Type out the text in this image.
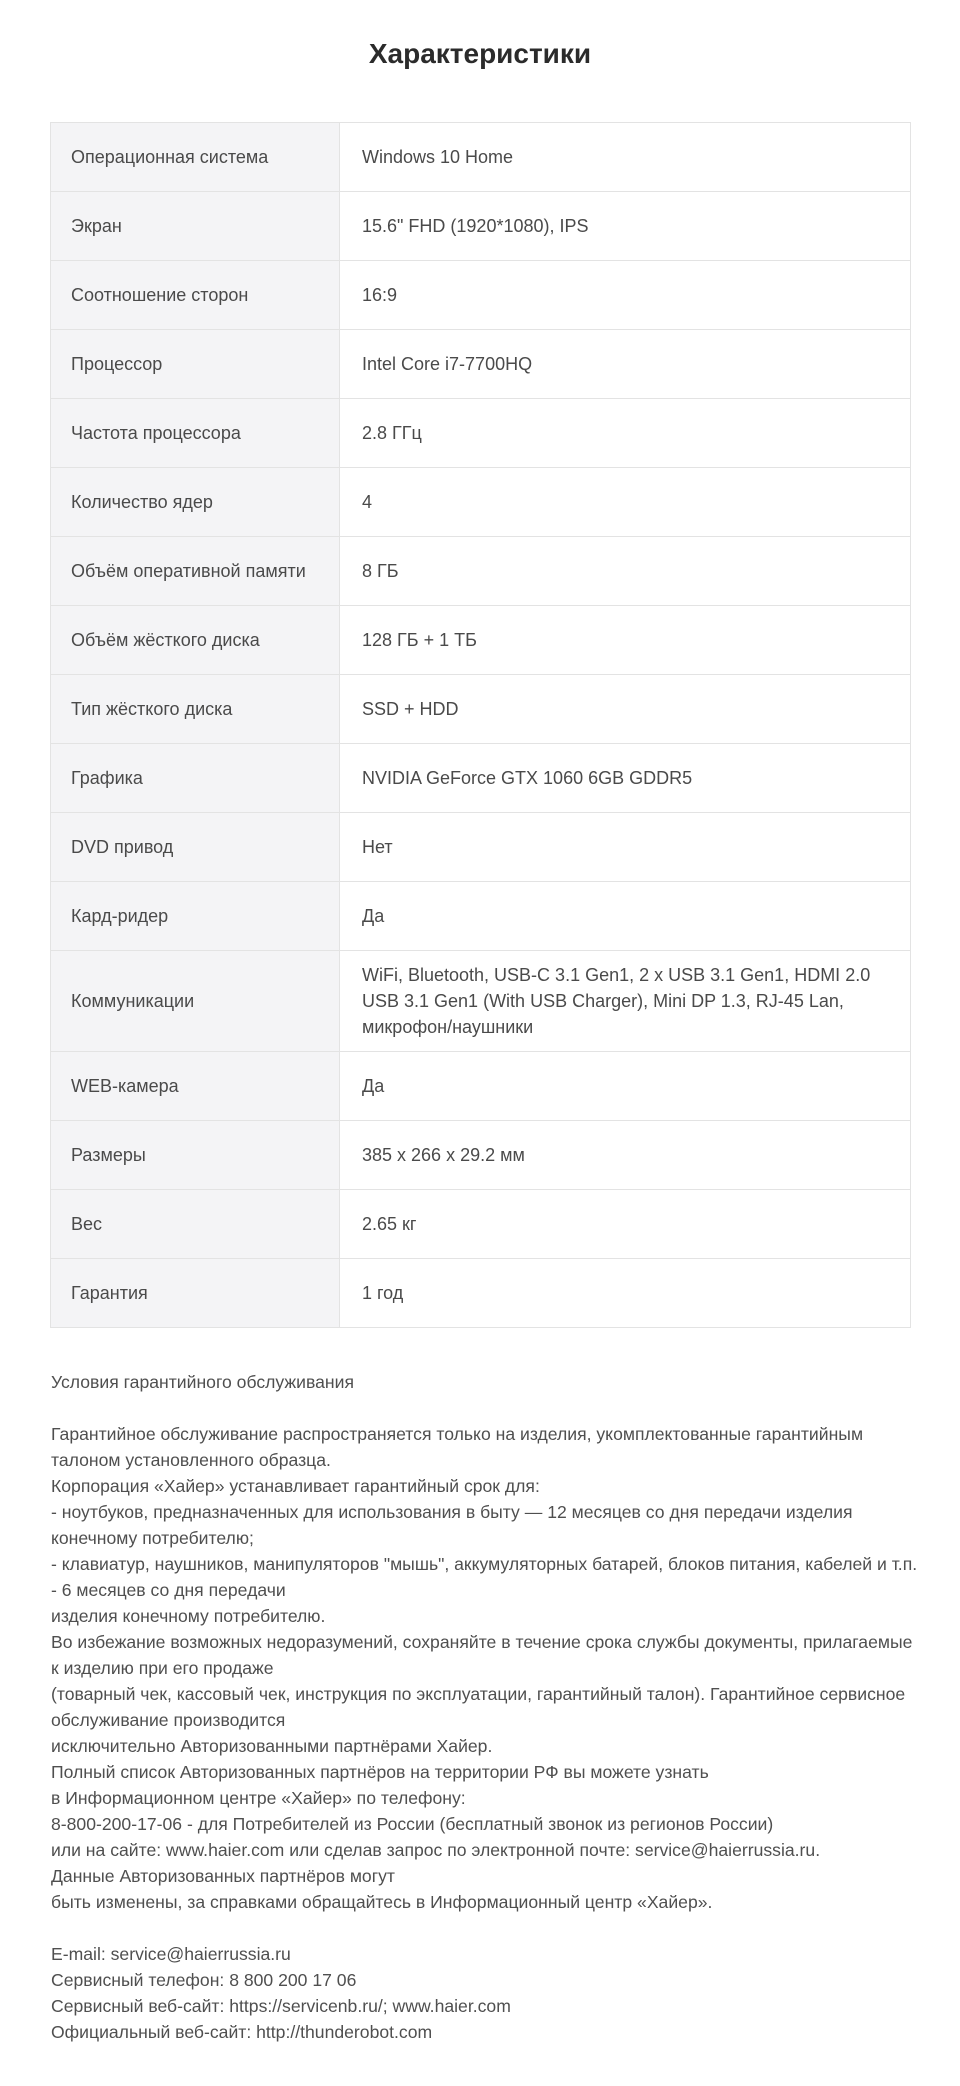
Характеристики
Операционная система	Windows 10 Home
Экран	15.6" FHD (1920*1080), IPS
Соотношение сторон	16:9
Процессор	Intel Core i7-7700HQ
Частота процессора	2.8 ГГц
Количество ядер	4
Объём оперативной памяти	8 ГБ
Объём жёсткого диска	128 ГБ + 1 ТБ
Тип жёсткого диска	SSD + HDD
Графика	NVIDIA GeForce GTX 1060 6GB GDDR5
DVD привод	Нет
Кард-ридер	Да
Коммуникации	WiFi, Bluetooth, USB-C 3.1 Gen1, 2 x USB 3.1 Gen1, HDMI 2.0 USB 3.1 Gen1 (With USB Charger), Mini DP 1.3, RJ-45 Lan, микрофон/наушники
WEB-камера	Да
Размеры	385 x 266 x 29.2 мм
Вес	2.65 кг
Гарантия	1 год

Условия гарантийного обслуживания

Гарантийное обслуживание распространяется только на изделия, укомплектованные гарантийным талоном установленного образца.

Корпорация «Хайер» устанавливает гарантийный срок для:

- ноутбуков, предназначенных для использования в быту — 12 месяцев со дня передачи изделия конечному потребителю;

- клавиатур, наушников, манипуляторов "мышь", аккумуляторных батарей, блоков питания, кабелей и т.п. - 6 месяцев со дня передачи

изделия конечному потребителю.

Во избежание возможных недоразумений, сохраняйте в течение срока службы документы, прилагаемые к изделию при его продаже

(товарный чек, кассовый чек, инструкция по эксплуатации, гарантийный талон). Гарантийное сервисное обслуживание производится

исключительно Авторизованными партнёрами Хайер.

Полный список Авторизованных партнёров на территории РФ вы можете узнать

в Информационном центре «Хайер» по телефону:

8-800-200-17-06 - для Потребителей из России (бесплатный звонок из регионов России)

или на сайте: www.haier.com или сделав запрос по электронной почте: service@haierrussia.ru.

Данные Авторизованных партнёров могут

быть изменены, за справками обращайтесь в Информационный центр «Хайер».

E-mail: service@haierrussia.ru

Сервисный телефон: 8 800 200 17 06

Сервисный веб-сайт: https://servicenb.ru/; www.haier.com

Официальный веб-сайт: http://thunderobot.com
